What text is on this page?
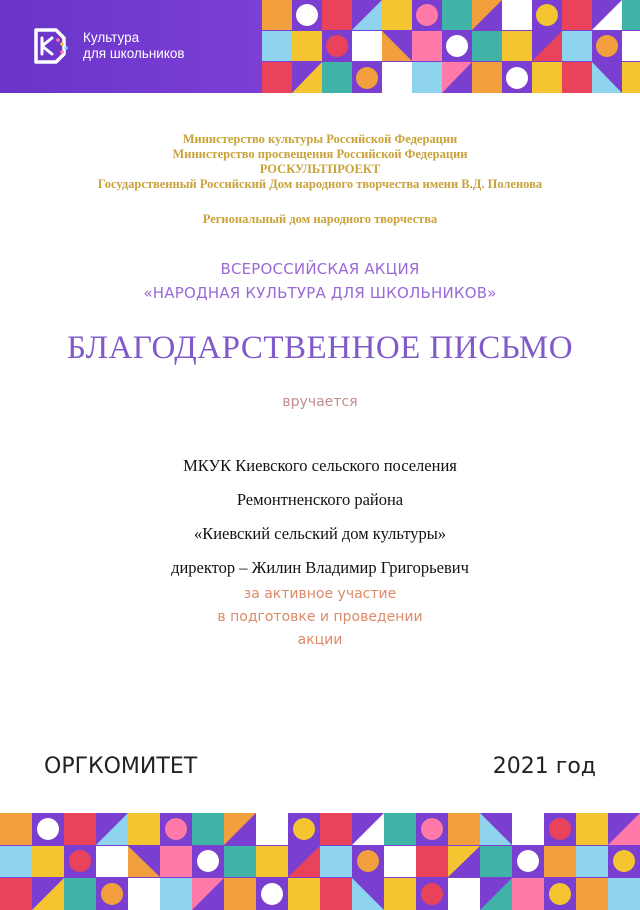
Культура
для школьников
Министерство культуры Российской Федерации
Министерство просвещения Российской Федерации
РОСКУЛЬТПРОЕКТ
Государственный Российский Дом народного творчества имени В.Д. Поленова
Региональный дом народного творчества
ВСЕРОССИЙСКАЯ АКЦИЯ
«НАРОДНАЯ КУЛЬТУРА ДЛЯ ШКОЛЬНИКОВ»
БЛАГОДАРСТВЕННОЕ ПИСЬМО
вручается
МКУК Киевского сельского поселения
Ремонтненского района
«Киевский сельский дом культуры»
директор – Жилин Владимир Григорьевич
за активное участие
в подготовке и проведении
акции
ОРГКОМИТЕТ	2021 год
